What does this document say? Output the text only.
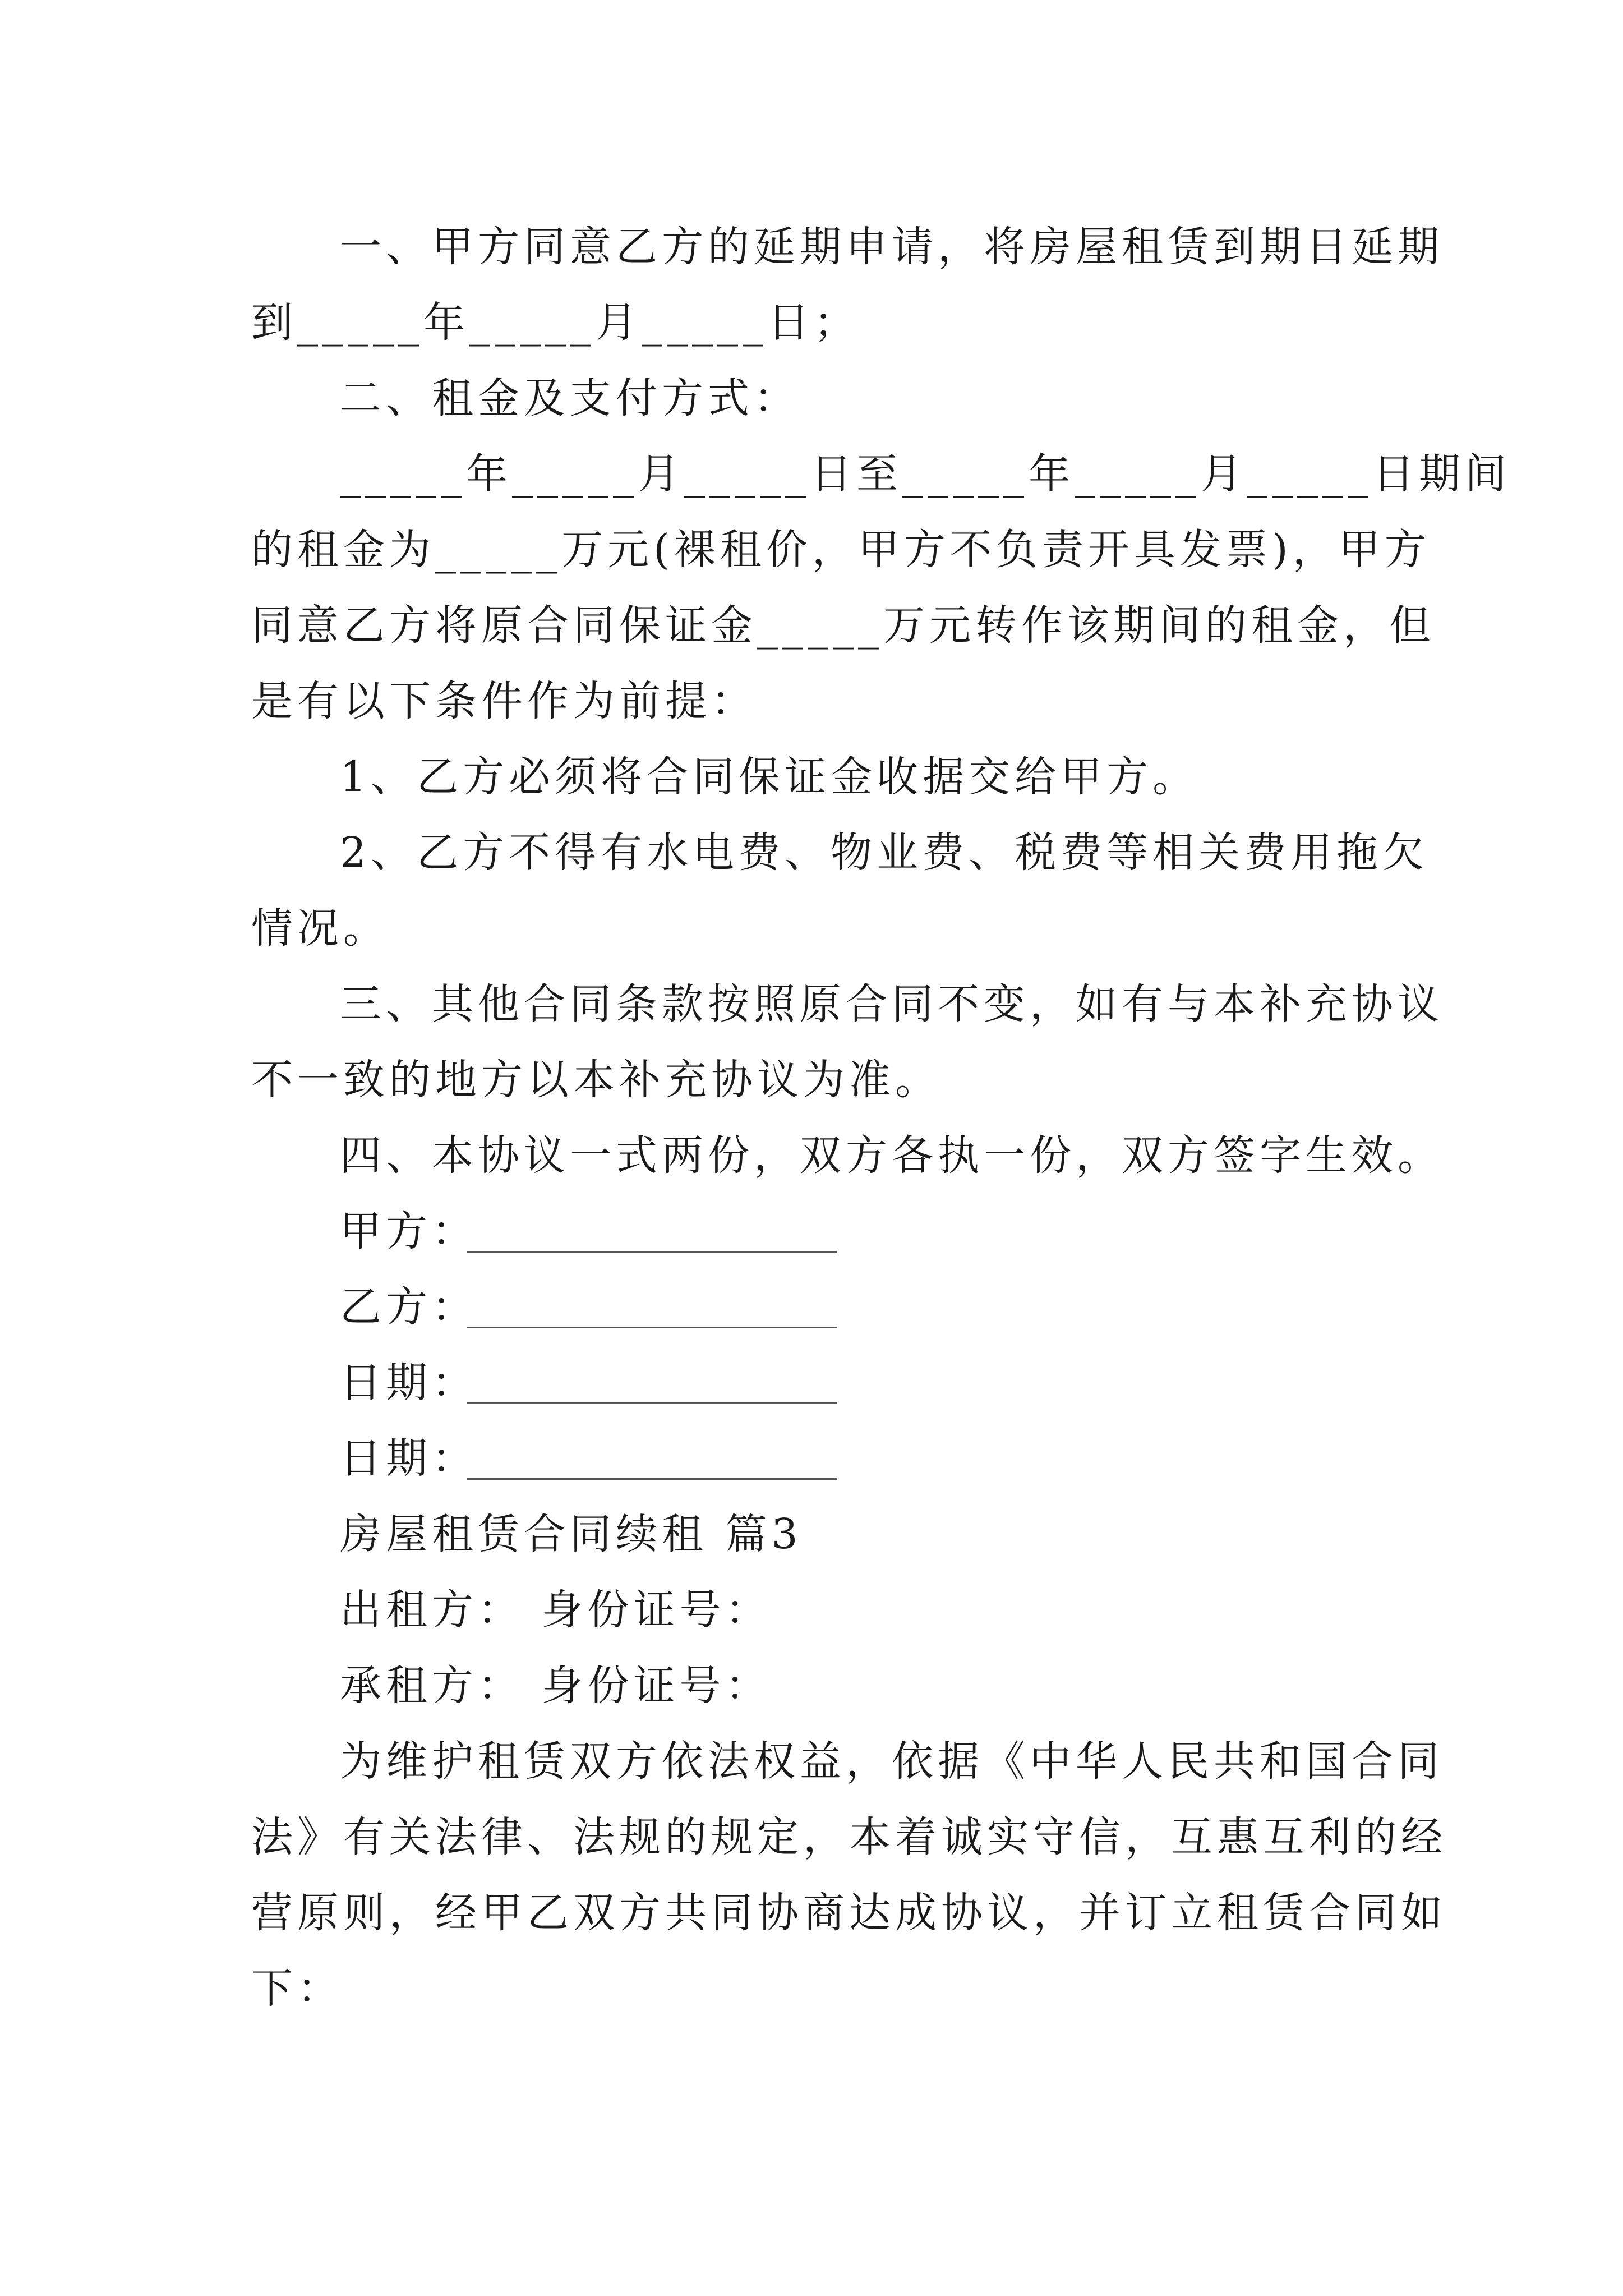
一、甲方同意乙方的延期申请，将房屋租赁到期日延期
到_____年_____月_____日；
二、租金及支付方式：
_____年_____月_____日至_____年_____月_____日期间
的租金为_____万元(裸租价，甲方不负责开具发票)，甲方
同意乙方将原合同保证金_____万元转作该期间的租金，但
是有以下条件作为前提：
1、乙方必须将合同保证金收据交给甲方。
2、乙方不得有水电费、物业费、税费等相关费用拖欠
情况。
三、其他合同条款按照原合同不变，如有与本补充协议
不一致的地方以本补充协议为准。
四、本协议一式两份，双方各执一份，双方签字生效。
甲方：
乙方：
日期：
日期：
房屋租赁合同续租 篇3
出租方： 身份证号：
承租方： 身份证号：
为维护租赁双方依法权益，依据《中华人民共和国合同
法》有关法律、法规的规定，本着诚实守信，互惠互利的经
营原则，经甲乙双方共同协商达成协议，并订立租赁合同如
下：
